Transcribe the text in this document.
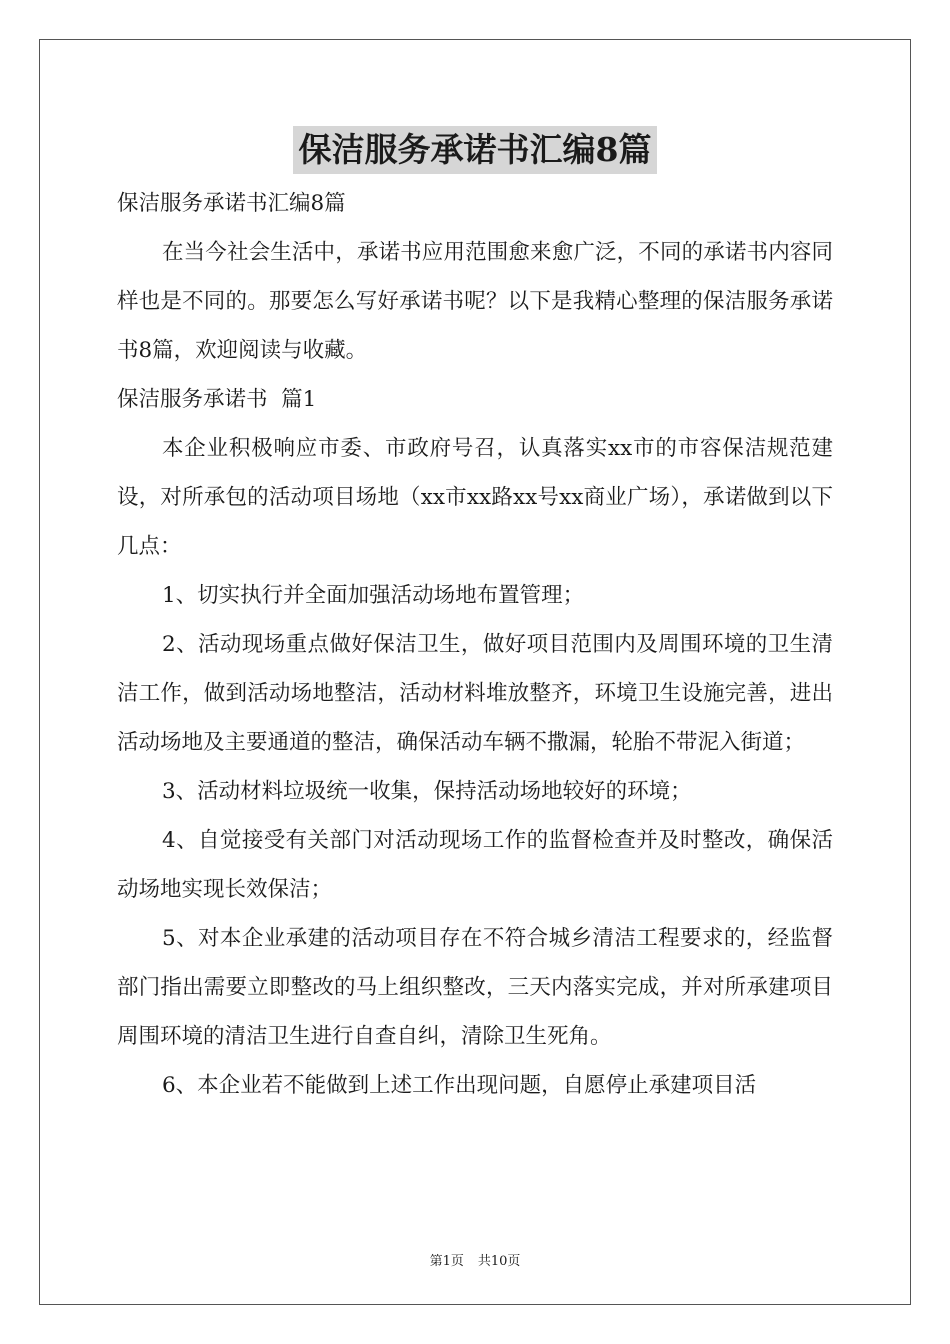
保洁服务承诺书汇编8篇

保洁服务承诺书汇编8篇

在当今社会生活中，承诺书应用范围愈来愈广泛，不同的承诺书内容同样也是不同的。那要怎么写好承诺书呢？以下是我精心整理的保洁服务承诺书8篇，欢迎阅读与收藏。

保洁服务承诺书  篇1

本企业积极响应市委、市政府号召，认真落实xx市的市容保洁规范建设，对所承包的活动项目场地（xx市xx路xx号xx商业广场），承诺做到以下几点：

1、切实执行并全面加强活动场地布置管理；

2、活动现场重点做好保洁卫生，做好项目范围内及周围环境的卫生清洁工作，做到活动场地整洁，活动材料堆放整齐，环境卫生设施完善，进出活动场地及主要通道的整洁，确保活动车辆不撒漏，轮胎不带泥入街道；

3、活动材料垃圾统一收集，保持活动场地较好的环境；

4、自觉接受有关部门对活动现场工作的监督检查并及时整改，确保活动场地实现长效保洁；

5、对本企业承建的活动项目存在不符合城乡清洁工程要求的，经监督部门指出需要立即整改的马上组织整改，三天内落实完成，并对所承建项目周围环境的清洁卫生进行自查自纠，清除卫生死角。

6、本企业若不能做到上述工作出现问题，自愿停止承建项目活

第1页 共10页
